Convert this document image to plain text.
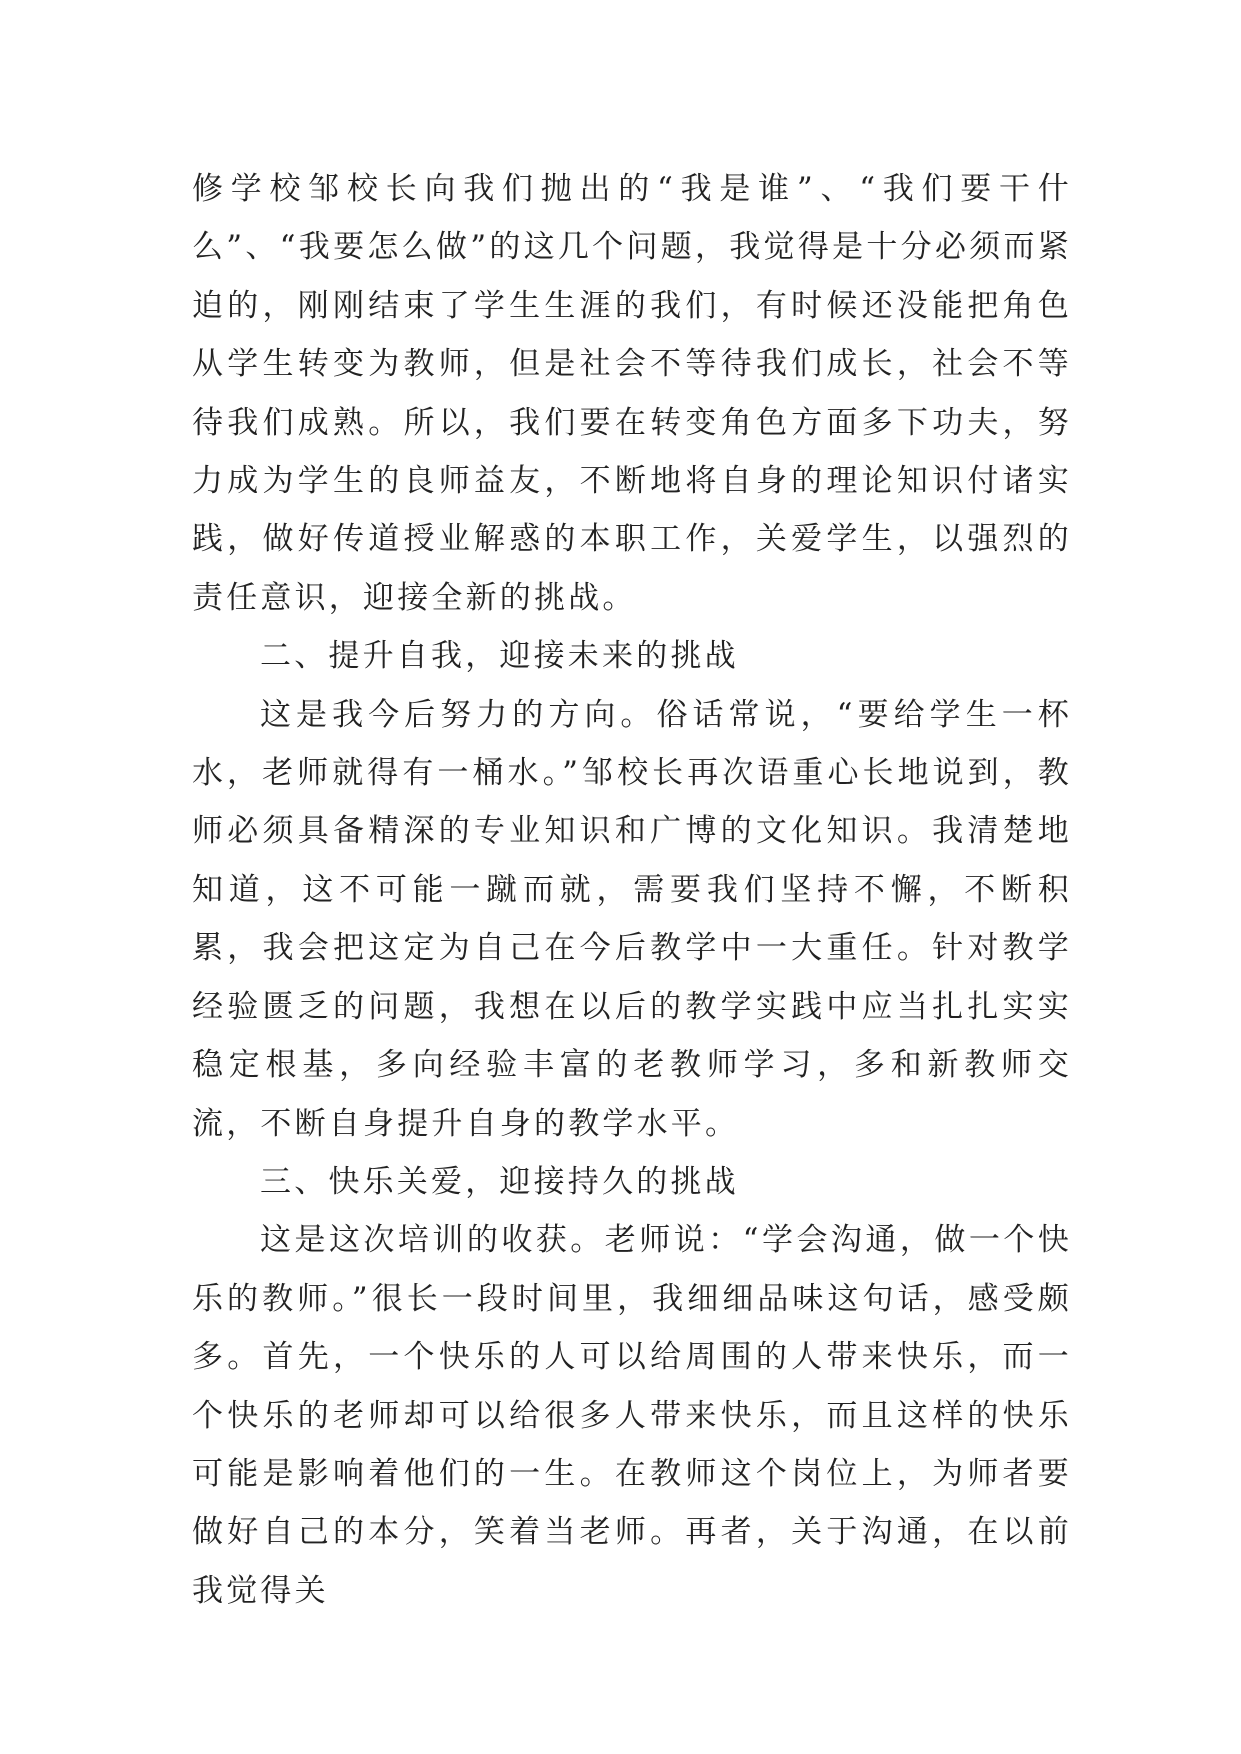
修学校邹校长向我们抛出的“我是谁”、“我们要干什么”、“我要怎么做”的这几个问题，我觉得是十分必须而紧迫的，刚刚结束了学生生涯的我们，有时候还没能把角色从学生转变为教师，但是社会不等待我们成长，社会不等待我们成熟。所以，我们要在转变角色方面多下功夫，努力成为学生的良师益友，不断地将自身的理论知识付诸实践，做好传道授业解惑的本职工作，关爱学生，以强烈的责任意识，迎接全新的挑战。

二、提升自我，迎接未来的挑战

这是我今后努力的方向。俗话常说，“要给学生一杯水，老师就得有一桶水。”邹校长再次语重心长地说到，教师必须具备精深的专业知识和广博的文化知识。我清楚地知道，这不可能一蹴而就，需要我们坚持不懈，不断积累，我会把这定为自己在今后教学中一大重任。针对教学经验匮乏的问题，我想在以后的教学实践中应当扎扎实实稳定根基，多向经验丰富的老教师学习，多和新教师交流，不断自身提升自身的教学水平。

三、快乐关爱，迎接持久的挑战

这是这次培训的收获。老师说：“学会沟通，做一个快乐的教师。”很长一段时间里，我细细品味这句话，感受颇多。首先，一个快乐的人可以给周围的人带来快乐，而一个快乐的老师却可以给很多人带来快乐，而且这样的快乐可能是影响着他们的一生。在教师这个岗位上，为师者要做好自己的本分，笑着当老师。再者，关于沟通，在以前我觉得关
